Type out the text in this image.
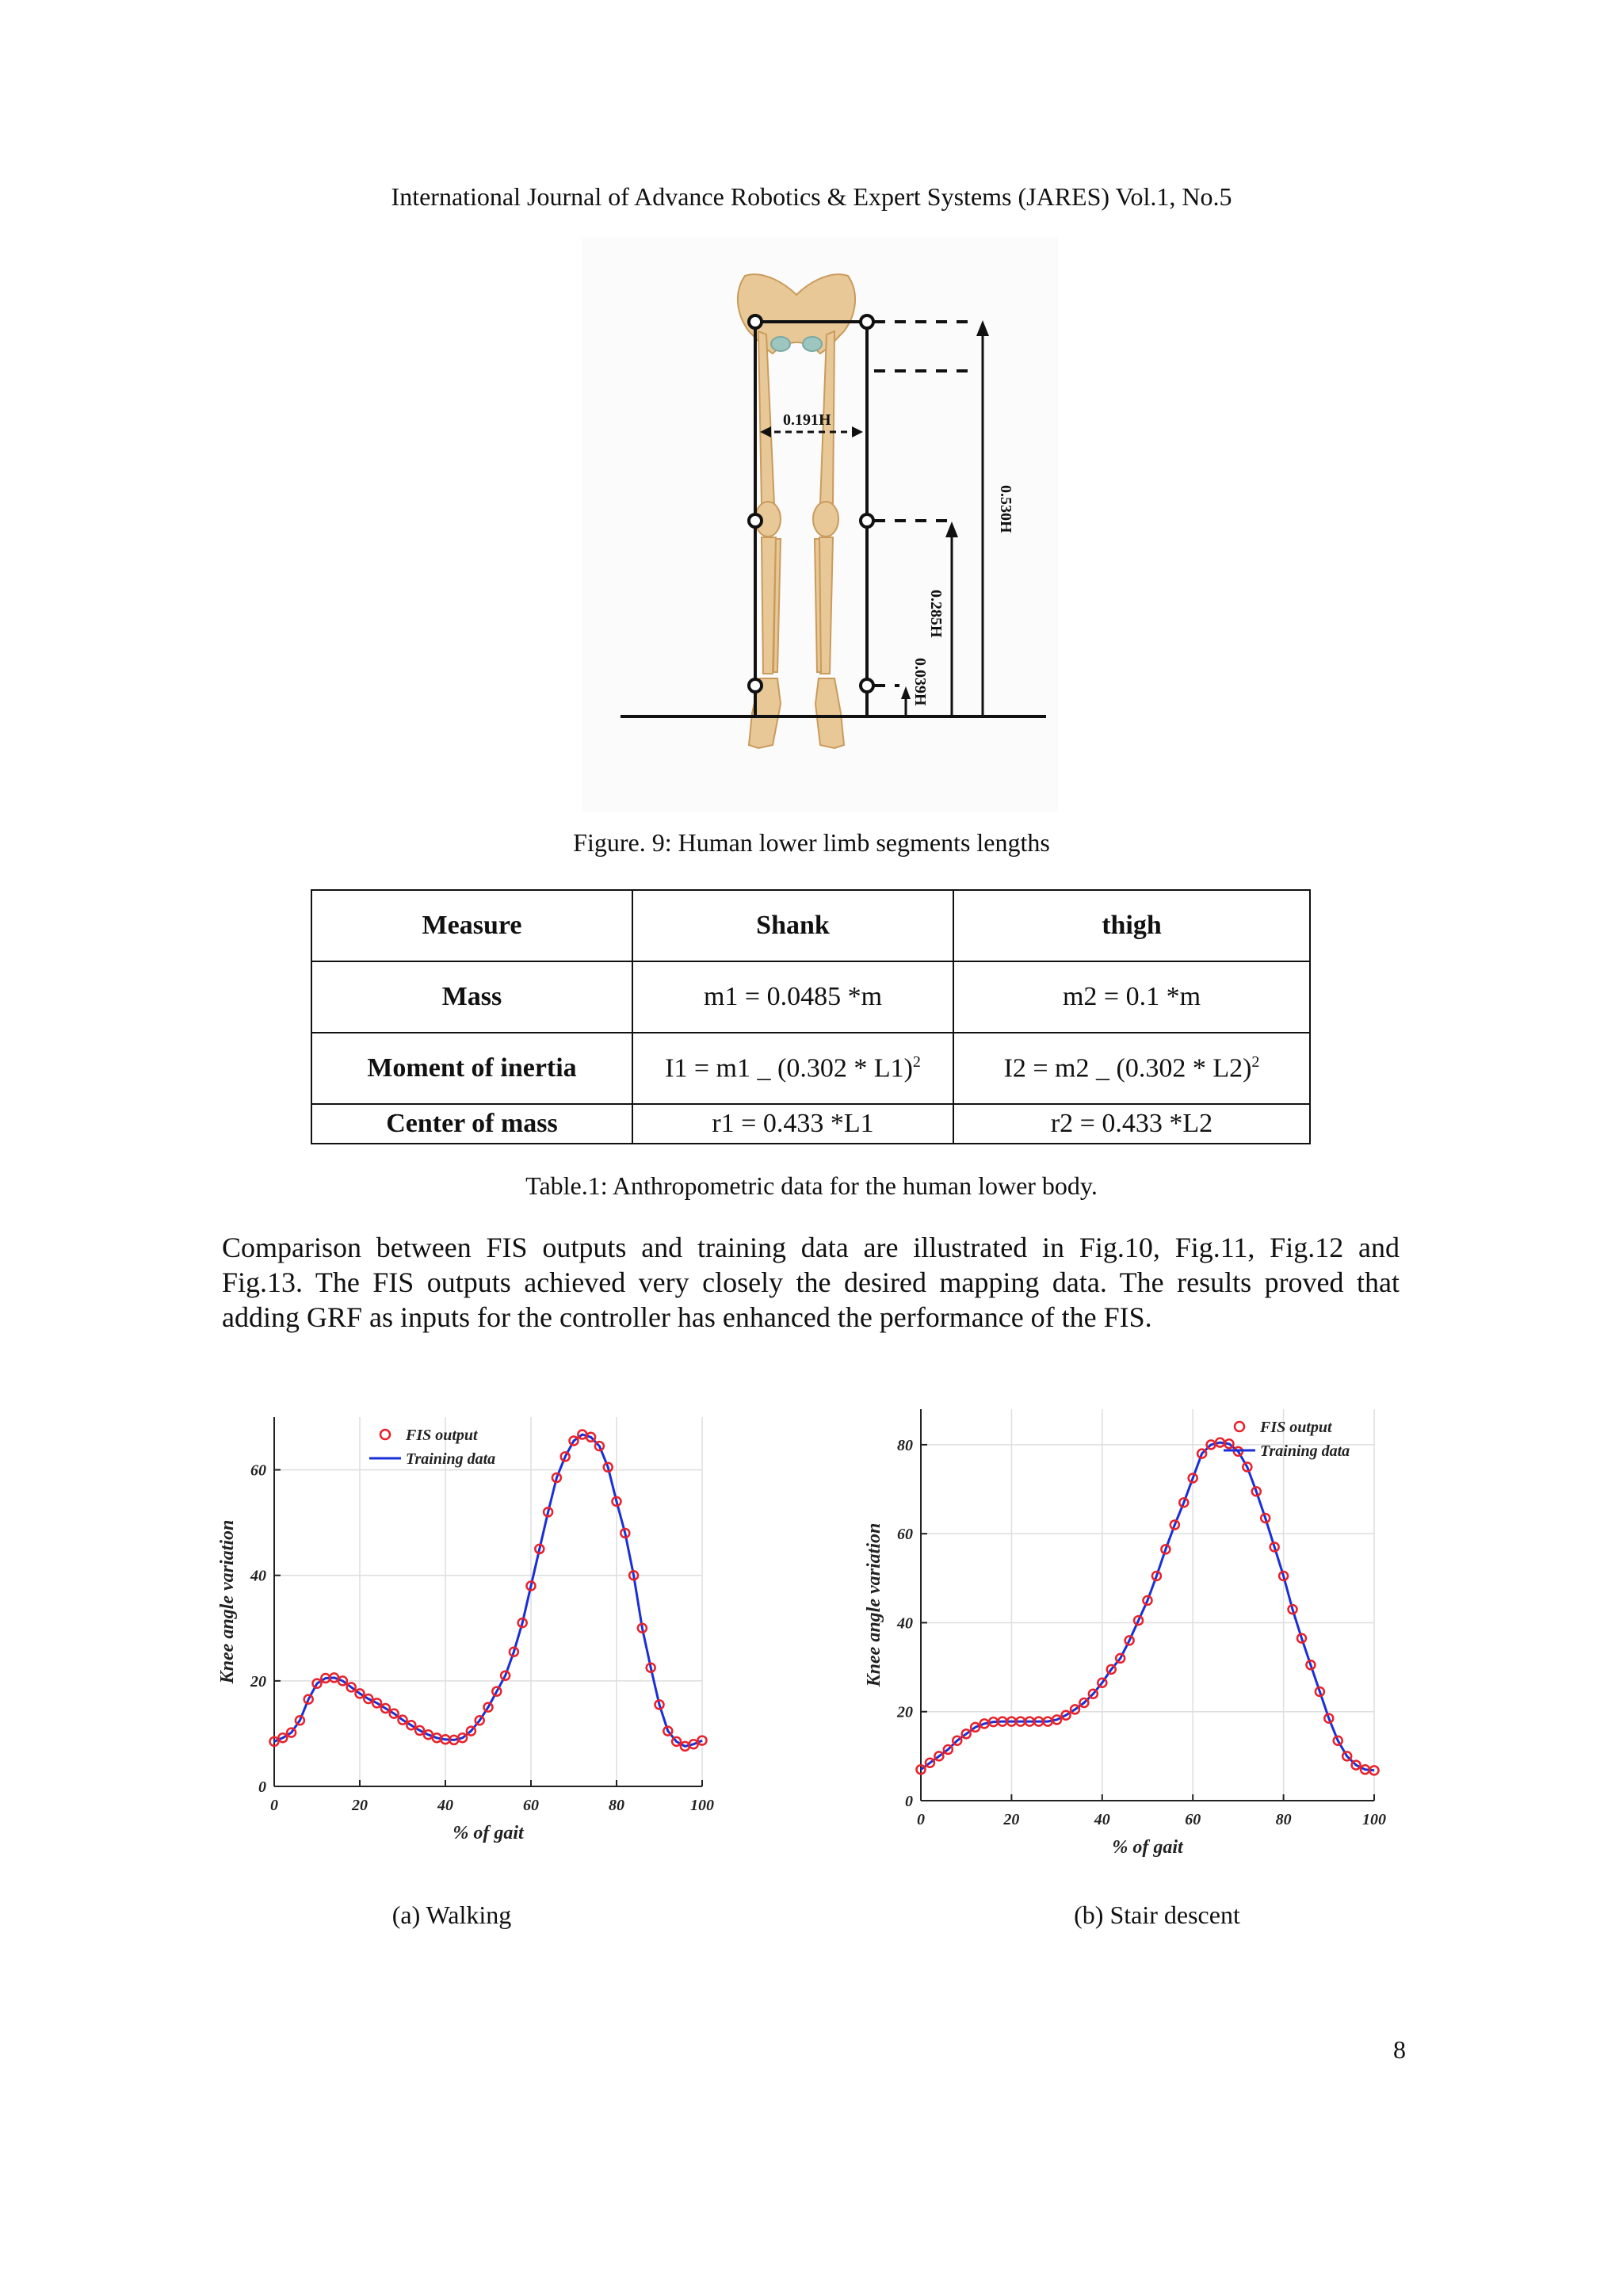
International Journal of Advance Robotics & Expert Systems (JARES) Vol.1, No.5
0.191H
0.530H
0.285H
0.039H
Figure. 9: Human lower limb segments lengths
Measure	Shank	thigh
Mass	m1 = 0.0485 *m	m2 = 0.1 *m
Moment of inertia	I1 = m1 _ (0.302 * L1)$^2$	I2 = m2 _ (0.302 * L2)$^2$
Center of mass	r1 = 0.433 *L1	r2 = 0.433 *L2
Table.1: Anthropometric data for the human lower body.
Comparison between FIS outputs and training data are illustrated in Fig.10, Fig.11, Fig.12 and
Fig.13. The FIS outputs achieved very closely the desired mapping data. The results proved that
adding GRF as inputs for the controller has enhanced the performance of the FIS.
0	20	40	60	80	100
0
20
40
60
% of gait
Knee angle variation
FIS output
Training data
(a) Walking
0	20	40	60	80	100
0
20
40
60
80
% of gait
Knee angle variation
FIS output
Training data
(b) Stair descent
8
